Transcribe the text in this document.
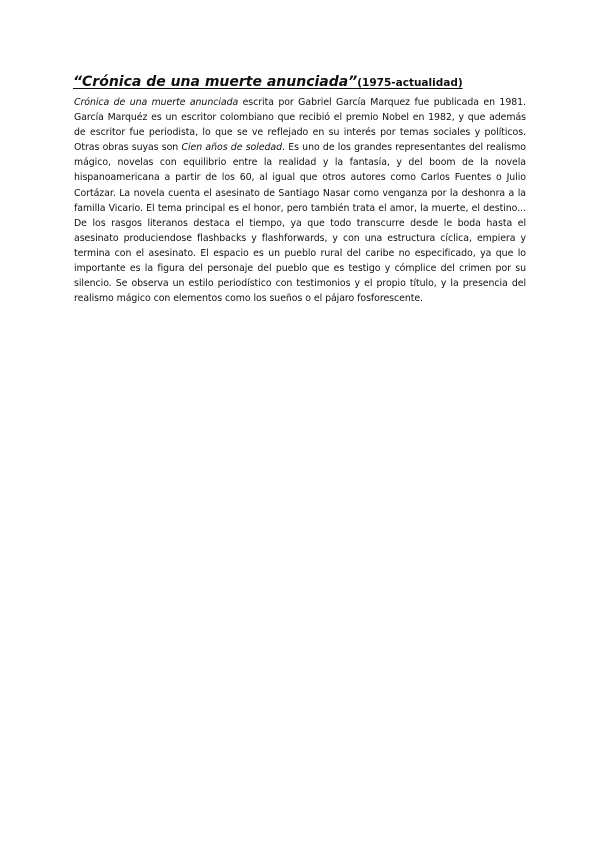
“Crónica de una muerte anunciada”(1975-actualidad)
Crónica de una muerte anunciada escrita por Gabriel García Marquez fue publicada en 1981. García Marquéz es un escritor colombiano que recibió el premio Nobel en 1982, y que además de escritor fue periodista, lo que se ve reflejado en su interés por temas sociales y políticos. Otras obras suyas son Cien años de soledad. Es uno de los grandes representantes del realismo mágico, novelas con equilibrio entre la realidad y la fantasía, y del boom de la novela hispanoamericana a partir de los 60, al igual que otros autores como Carlos Fuentes o Julio Cortázar. La novela cuenta el asesinato de Santiago Nasar como venganza por la deshonra a la familla Vicario. El tema principal es el honor, pero también trata el amor, la muerte, el destino... De los rasgos literanos destaca el tiempo, ya que todo transcurre desde le boda hasta el asesinato produciendose flashbacks y flashforwards, y con una estructura cíclica, empiera y termina con el asesinato. El espacio es un pueblo rural del caribe no especificado, ya que lo importante es la figura del personaje del pueblo que es testigo y cómplice del crimen por su silencio. Se observa un estilo periodístico con testimonios y el propio título, y la presencia del realismo mágico con elementos como los sueños o el pájaro fosforescente.
